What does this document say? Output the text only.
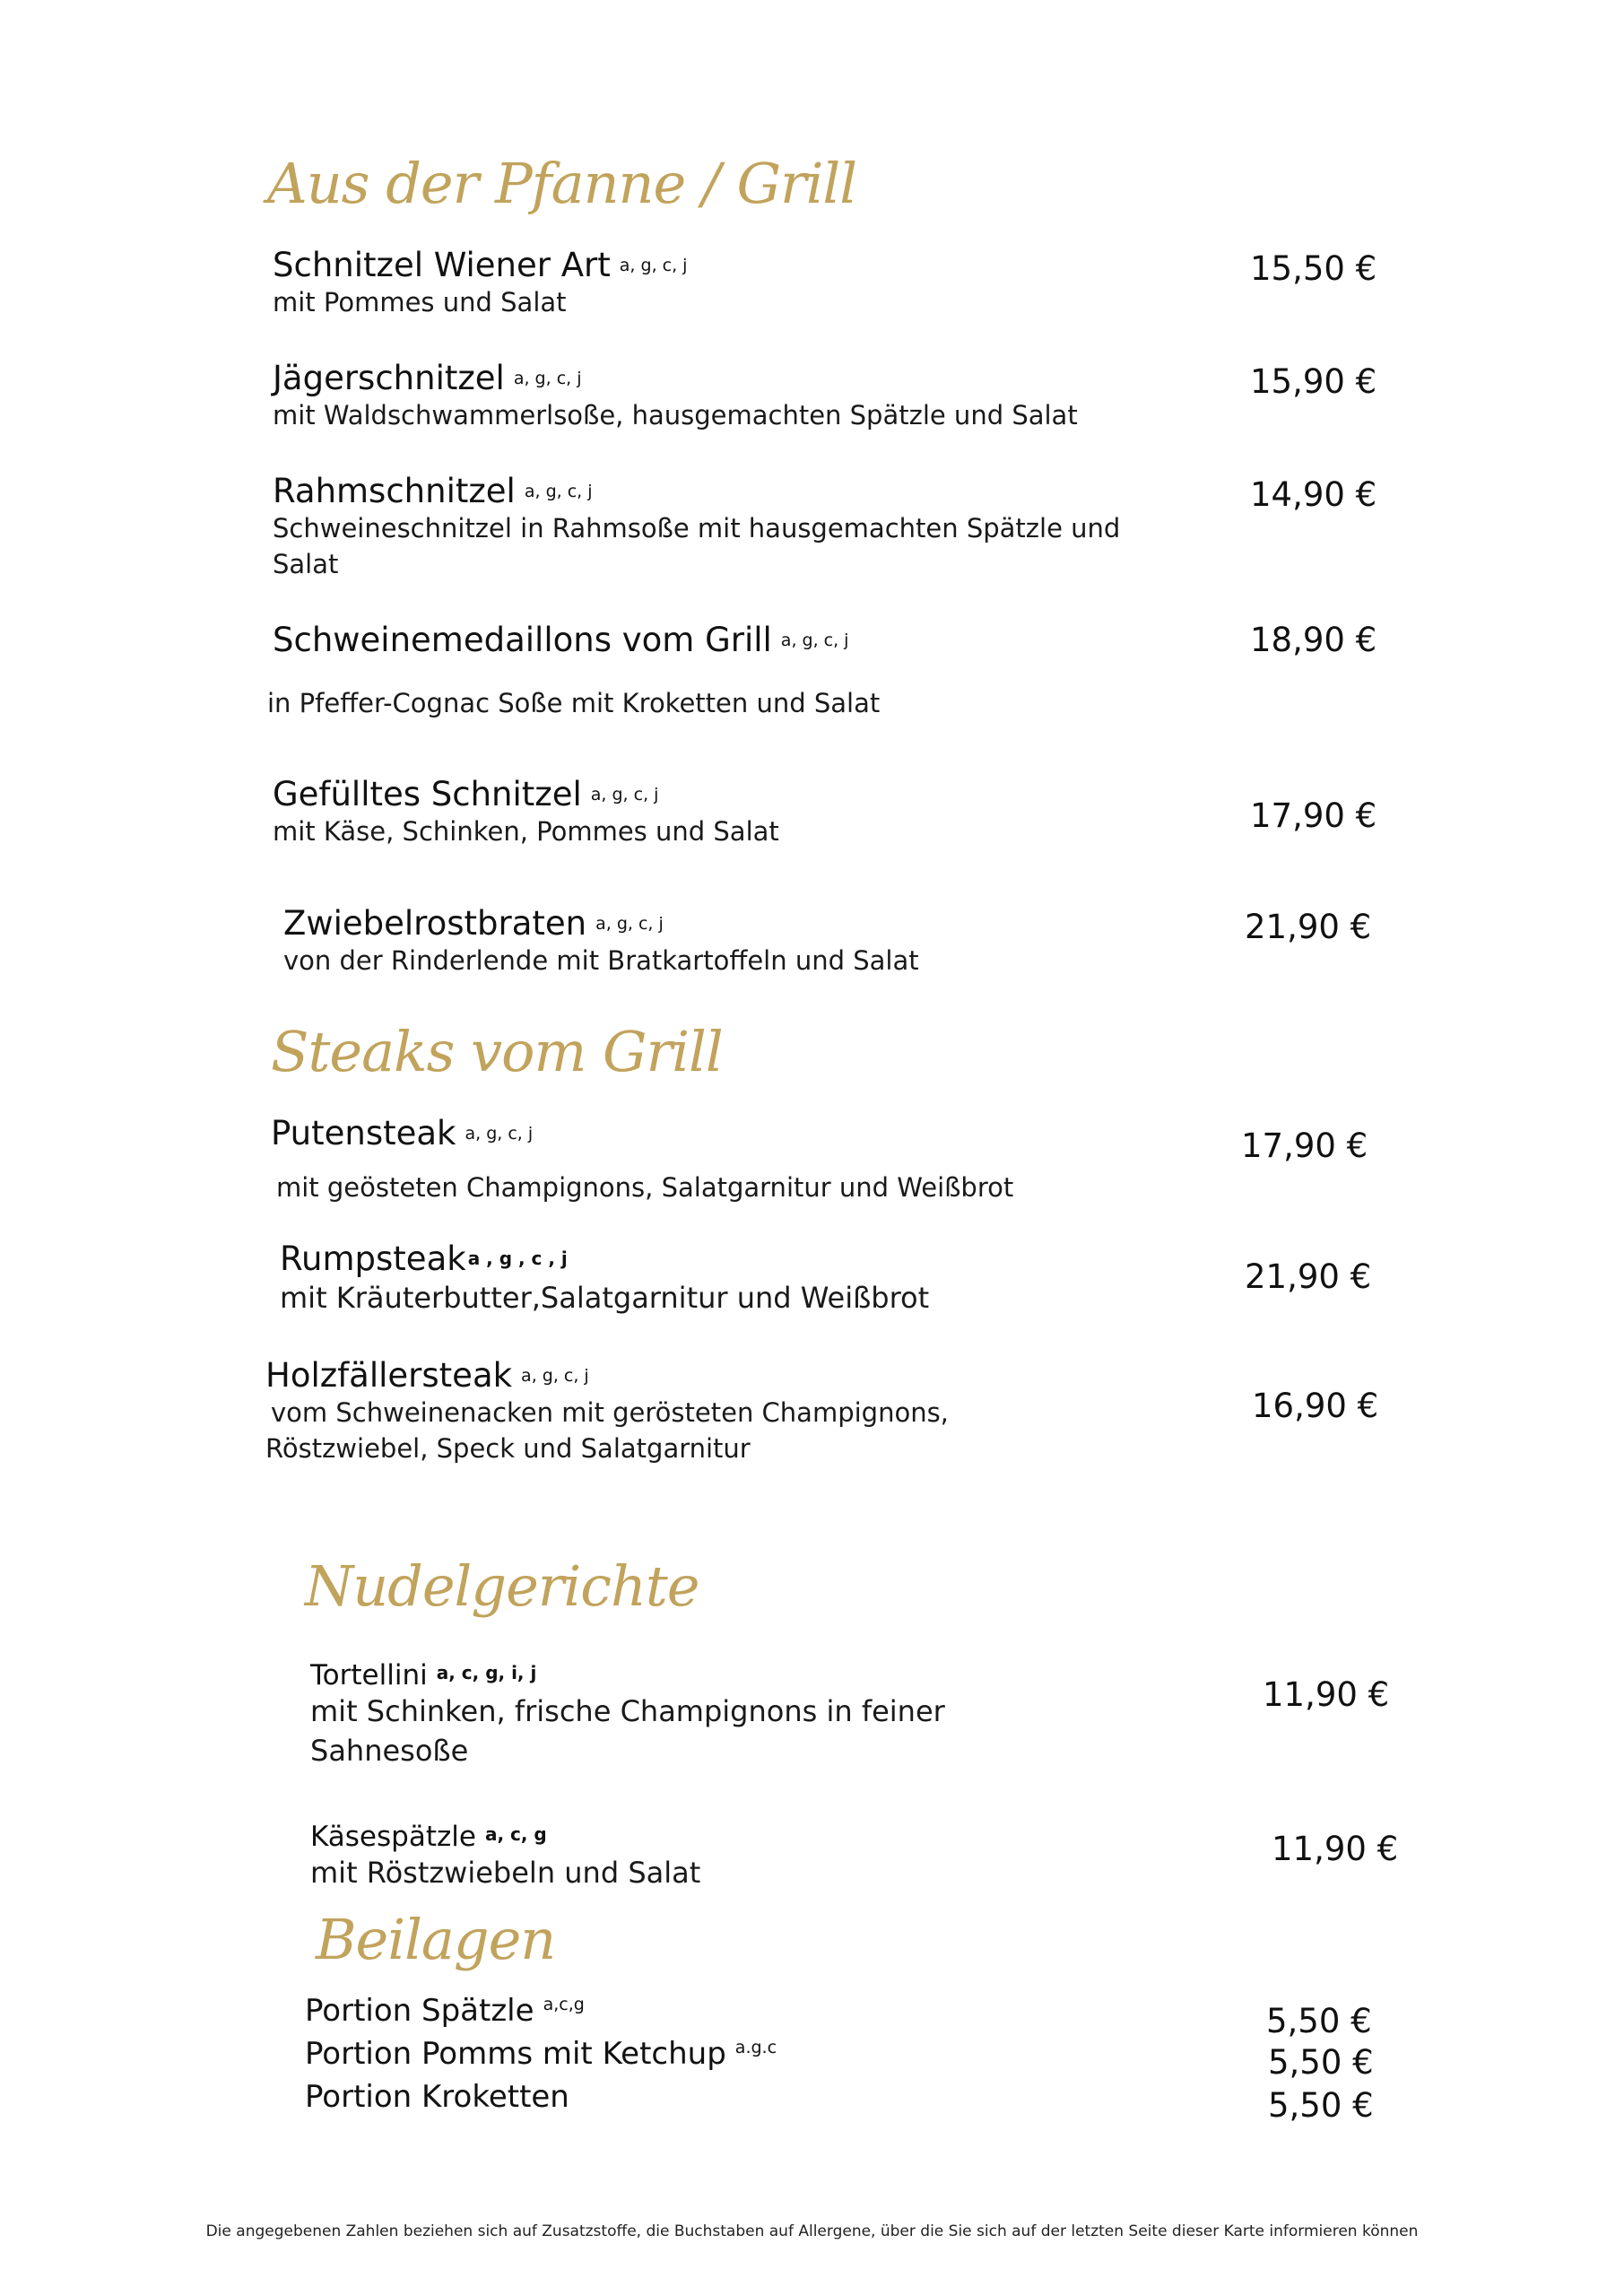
Aus der Pfanne / Grill
Schnitzel Wiener Art a, g, c, j
mit Pommes und Salat
15,50 €
Jägerschnitzel a, g, c, j
mit Waldschwammerlsoße, hausgemachten Spätzle und Salat
15,90 €
Rahmschnitzel a, g, c, j
Schweineschnitzel in Rahmsoße mit hausgemachten Spätzle und
Salat
14,90 €
Schweinemedaillons vom Grill a, g, c, j
in Pfeffer-Cognac Soße mit Kroketten und Salat
18,90 €
Gefülltes Schnitzel a, g, c, j
mit Käse, Schinken, Pommes und Salat	17,90 €
Zwiebelrostbraten a, g, c, j
von der Rinderlende mit Bratkartoffeln und Salat
21,90 €
Steaks vom Grill
Putensteak a, g, c, j
mit geösteten Champignons, Salatgarnitur und Weißbrot
17,90 €
Rumpsteak a , g , c , j
mit Kräuterbutter,Salatgarnitur und Weißbrot
21,90 €
Holzfällersteak a, g, c, j
vom Schweinenacken mit gerösteten Champignons,
Röstzwiebel, Speck und Salatgarnitur
16,90 €
Nudelgerichte
Tortellini a, c, g, i, j
mit Schinken, frische Champignons in feiner
Sahnesoße
11,90 €
Käsespätzle a, c, g
mit Röstzwiebeln und Salat
11,90 €
Beilagen
Portion Spätzle $^{a,c,g}$
Portion Pomms mit Ketchup $^{a.g.c}$
Portion Kroketten
5,50 €
5,50 €
5,50 €
Die angegebenen Zahlen beziehen sich auf Zusatzstoffe, die Buchstaben auf Allergene, über die Sie sich auf der letzten Seite dieser Karte informieren können
